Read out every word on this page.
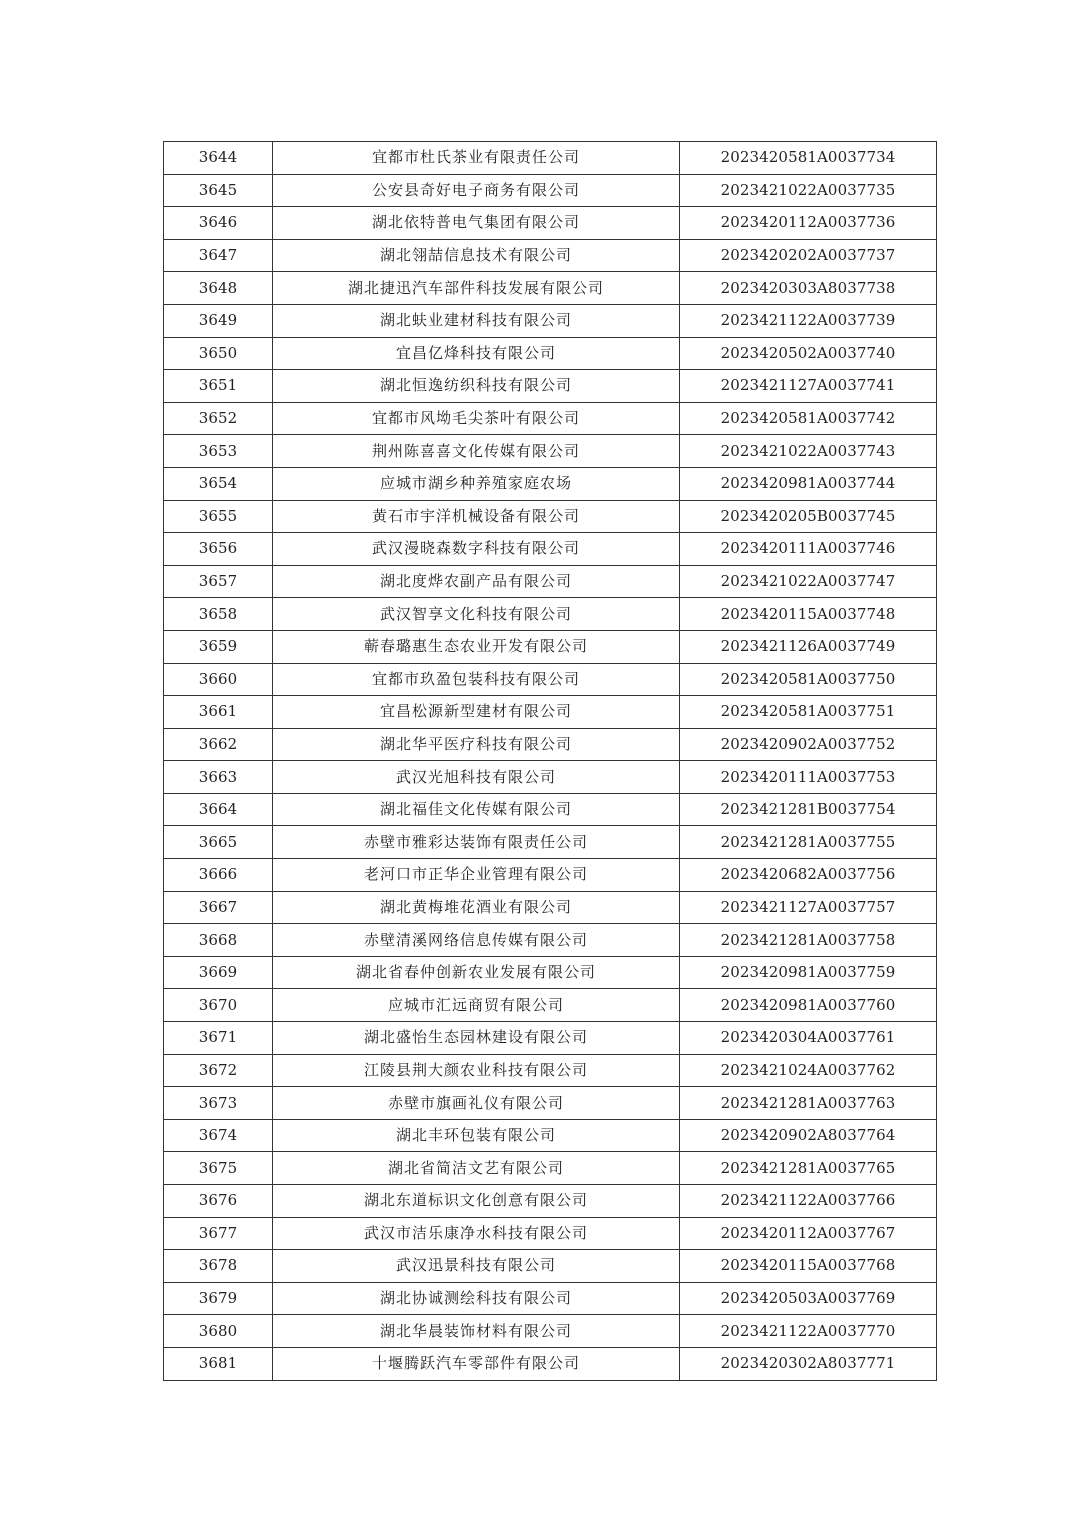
3644	宜都市杜氏茶业有限责任公司	2023420581A0037734
3645	公安县奇好电子商务有限公司	2023421022A0037735
3646	湖北依特普电气集团有限公司	2023420112A0037736
3647	湖北翎喆信息技术有限公司	2023420202A0037737
3648	湖北捷迅汽车部件科技发展有限公司	2023420303A8037738
3649	湖北蚨业建材科技有限公司	2023421122A0037739
3650	宜昌亿烽科技有限公司	2023420502A0037740
3651	湖北恒逸纺织科技有限公司	2023421127A0037741
3652	宜都市风坳毛尖茶叶有限公司	2023420581A0037742
3653	荆州陈喜喜文化传媒有限公司	2023421022A0037743
3654	应城市湖乡种养殖家庭农场	2023420981A0037744
3655	黄石市宇洋机械设备有限公司	2023420205B0037745
3656	武汉漫晓森数字科技有限公司	2023420111A0037746
3657	湖北度烨农副产品有限公司	2023421022A0037747
3658	武汉智享文化科技有限公司	2023420115A0037748
3659	蕲春璐惠生态农业开发有限公司	2023421126A0037749
3660	宜都市玖盈包装科技有限公司	2023420581A0037750
3661	宜昌松源新型建材有限公司	2023420581A0037751
3662	湖北华平医疗科技有限公司	2023420902A0037752
3663	武汉光旭科技有限公司	2023420111A0037753
3664	湖北福佳文化传媒有限公司	2023421281B0037754
3665	赤壁市雅彩达装饰有限责任公司	2023421281A0037755
3666	老河口市正华企业管理有限公司	2023420682A0037756
3667	湖北黄梅堆花酒业有限公司	2023421127A0037757
3668	赤壁清溪网络信息传媒有限公司	2023421281A0037758
3669	湖北省春仲创新农业发展有限公司	2023420981A0037759
3670	应城市汇远商贸有限公司	2023420981A0037760
3671	湖北盛怡生态园林建设有限公司	2023420304A0037761
3672	江陵县荆大颜农业科技有限公司	2023421024A0037762
3673	赤壁市旗画礼仪有限公司	2023421281A0037763
3674	湖北丰环包装有限公司	2023420902A8037764
3675	湖北省简洁文艺有限公司	2023421281A0037765
3676	湖北东道标识文化创意有限公司	2023421122A0037766
3677	武汉市洁乐康净水科技有限公司	2023420112A0037767
3678	武汉迅景科技有限公司	2023420115A0037768
3679	湖北协诚测绘科技有限公司	2023420503A0037769
3680	湖北华晨装饰材料有限公司	2023421122A0037770
3681	十堰腾跃汽车零部件有限公司	2023420302A8037771
